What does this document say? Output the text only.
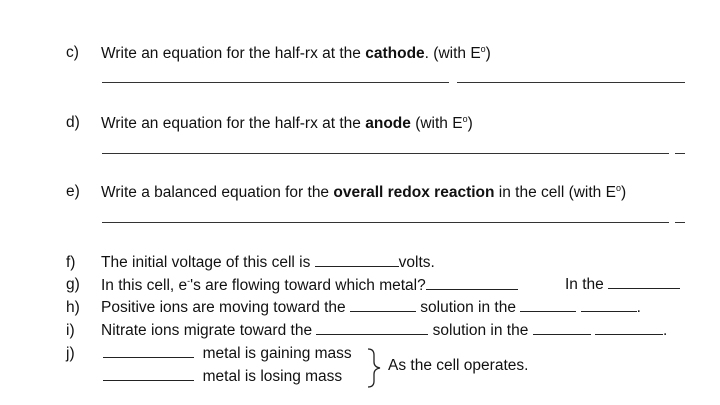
c)	Write an equation for the half-rx at the cathode. (with $E^o$)
d)	Write an equation for the half-rx at the anode (with $E^o$)
e)	Write a balanced equation for the overall redox reaction in the cell (with $E^o$)
f)	The initial voltage of this cell is	volts.
g)	In this cell, e-'s are flowing toward which metal?	In the
h)	Positive ions are moving toward the	solution in the	.
i)	Nitrate ions migrate toward the	solution in the	.
j)	metal is gaining mass
metal is losing mass
As the cell operates.
